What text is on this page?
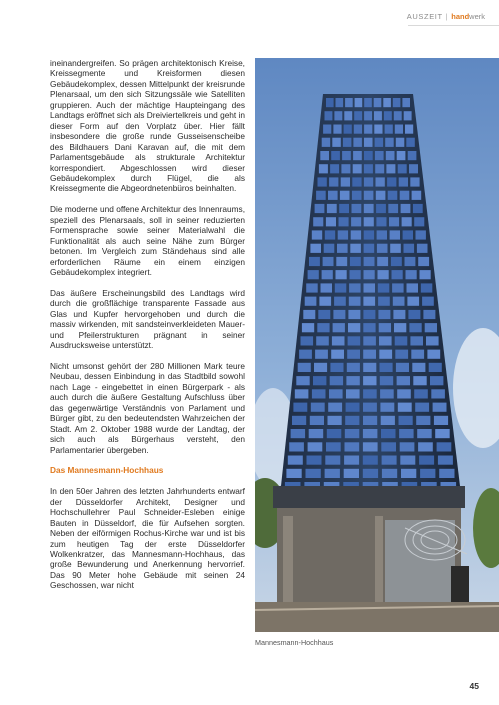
AUSZEIT | handwerk

ineinandergreifen. So prägen architektonisch Kreise, Kreissegmente und Kreisformen diesen Gebäudekomplex, dessen Mittelpunkt der kreisrunde Plenarsaal, um den sich Sitzungssäle wie Satelliten gruppieren. Auch der mächtige Haupteingang des Landtags eröffnet sich als Dreiviertelkreis und geht in dieser Form auf den Vorplatz über. Hier fällt insbesondere die große runde Gusseisenscheibe des Bildhauers Dani Karavan auf, die mit dem Parlamentsgebäude als strukturale Architektur korrespondiert. Abgeschlossen wird dieser Gebäudekomplex durch Flügel, die als Kreissegmente die Abgeordnetenbüros beinhalten.

Die moderne und offene Architektur des Innenraums, speziell des Plenarsaals, soll in seiner reduzierten Formensprache sowie seiner Materialwahl die Funktionalität als auch seine Nähe zum Bürger betonen. Im Vergleich zum Ständehaus sind alle erforderlichen Räume ein einem einzigen Gebäudekomplex integriert.

Das äußere Erscheinungsbild des Landtags wird durch die großflächige transparente Fassade aus Glas und Kupfer hervorgehoben und durch die massiv wirkenden, mit sandsteinverkleideten Mauer- und Pfeilerstrukturen prägnant in seiner Ausdrucksweise unterstützt.

Nicht umsonst gehört der 280 Millionen Mark teure Neubau, dessen Einbindung in das Stadtbild sowohl nach Lage - eingebettet in einen Bürgerpark - als auch durch die äußere Gestaltung Aufschluss über das gegenwärtige Verständnis von Parlament und Bürger gibt, zu den bedeutendsten Wahrzeichen der Stadt. Am 2. Oktober 1988 wurde der Landtag, der sich auch als Bürgerhaus versteht, den Parlamentarier übergeben.

Das Mannesmann-Hochhaus

In den 50er Jahren des letzten Jahrhunderts entwarf der Düsseldorfer Architekt, Designer und Hochschullehrer Paul Schneider-Esleben einige Bauten in Düsseldorf, die für Aufsehen sorgten. Neben der eiförmigen Rochus-Kirche war und ist bis zum heutigen Tag der erste Düsseldorfer Wolkenkratzer, das Mannesmann-Hochhaus, das große Bewunderung und Anerkennung hervorrief. Das 90 Meter hohe Gebäude mit seinen 24 Geschossen, war nicht

Mannesmann-Hochhaus
45
